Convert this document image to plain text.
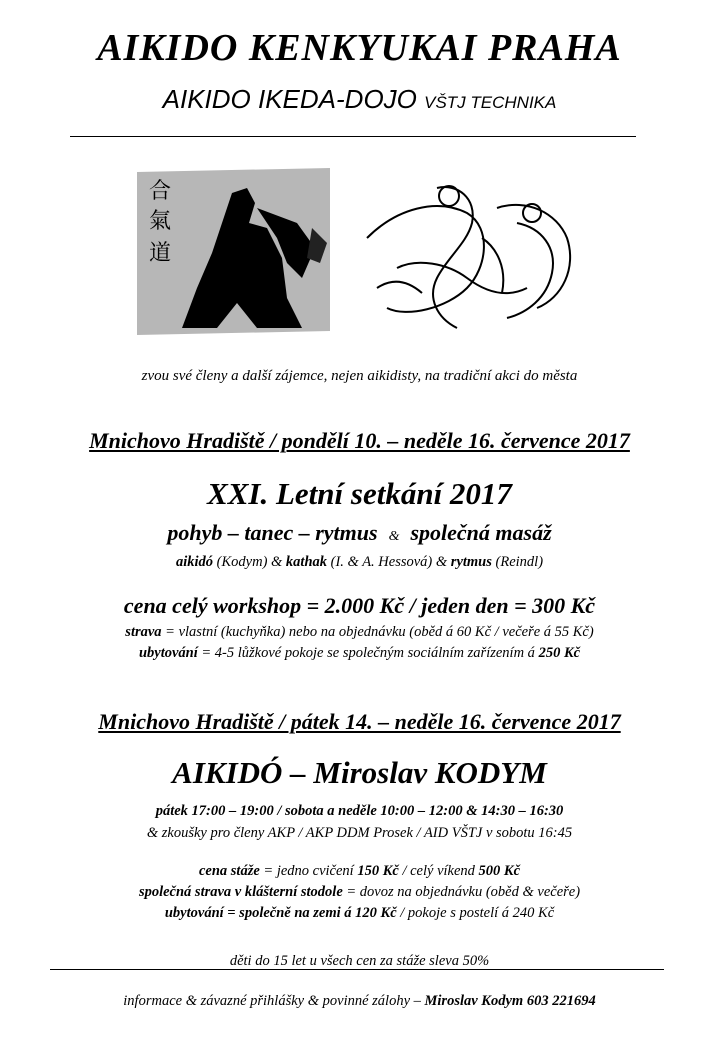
AIKIDO KENKYUKAI PRAHA
AIKIDO IKEDA-DOJO VŠTJ TECHNIKA
合
氣
道
zvou své členy a další zájemce, nejen aikidisty, na tradiční akci do města
Mnichovo Hradiště / pondělí 10. – neděle 16. července 2017
XXI. Letní setkání 2017
pohyb – tanec – rytmus & společná masáž
aikidó (Kodym) & kathak (I. & A. Hessová) & rytmus (Reindl)
cena celý workshop = 2.000 Kč / jeden den = 300 Kč
strava = vlastní (kuchyňka) nebo na objednávku (oběd á 60 Kč / večeře á 55 Kč)
ubytování = 4-5 lůžkové pokoje se společným sociálním zařízením á 250 Kč
Mnichovo Hradiště / pátek 14. – neděle 16. července 2017
AIKIDÓ – Miroslav KODYM
pátek 17:00 – 19:00 / sobota a neděle 10:00 – 12:00 & 14:30 – 16:30
& zkoušky pro členy AKP / AKP DDM Prosek / AID VŠTJ v sobotu 16:45
cena stáže = jedno cvičení 150 Kč / celý víkend 500 Kč
společná strava v klášterní stodole = dovoz na objednávku (oběd & večeře)
ubytování = společně na zemi á 120 Kč / pokoje s postelí á 240 Kč
děti do 15 let u všech cen za stáže sleva 50%
informace & závazné přihlášky & povinné zálohy – Miroslav Kodym 603 221694
